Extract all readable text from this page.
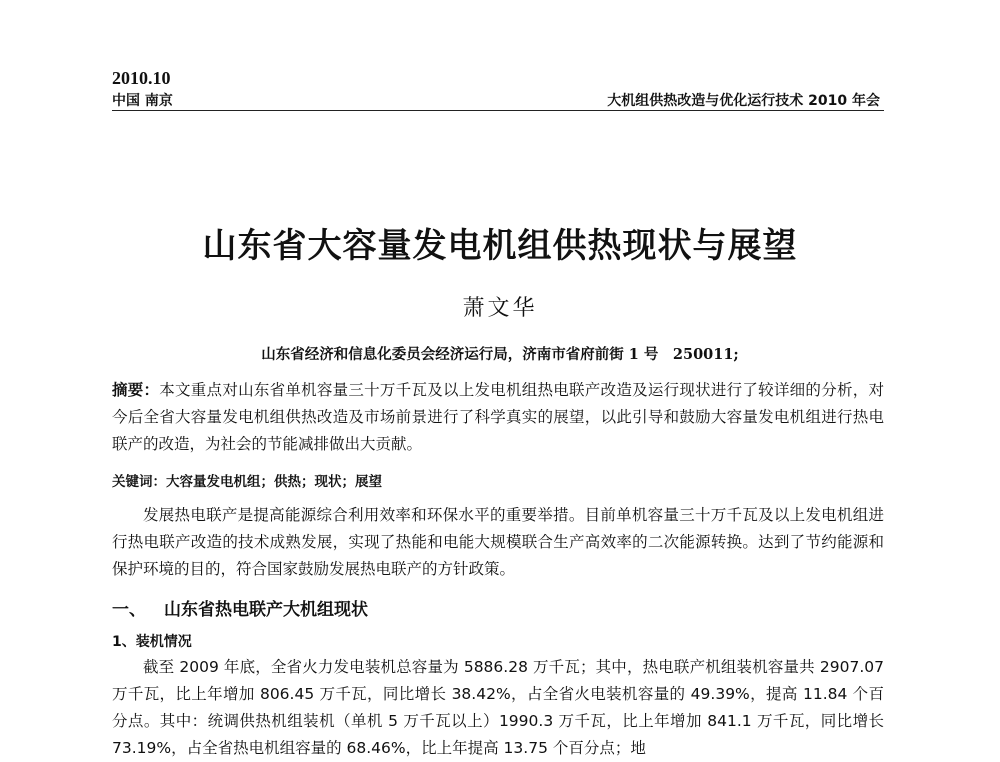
2010.10
中国 南京	大机组供热改造与优化运行技术 2010 年会
山东省大容量发电机组供热现状与展望
萧文华
山东省经济和信息化委员会经济运行局，济南市省府前街 1 号　250011;
摘要：本文重点对山东省单机容量三十万千瓦及以上发电机组热电联产改造及运行现状进行了较详细的分析，对今后全省大容量发电机组供热改造及市场前景进行了科学真实的展望，以此引导和鼓励大容量发电机组进行热电联产的改造，为社会的节能减排做出大贡献。
关键词：大容量发电机组；供热；现状；展望
发展热电联产是提高能源综合利用效率和环保水平的重要举措。目前单机容量三十万千瓦及以上发电机组进行热电联产改造的技术成熟发展，实现了热能和电能大规模联合生产高效率的二次能源转换。达到了节约能源和保护环境的目的，符合国家鼓励发展热电联产的方针政策。
一、 山东省热电联产大机组现状
1、装机情况
截至 2009 年底，全省火力发电装机总容量为 5886.28 万千瓦；其中，热电联产机组装机容量共 2907.07 万千瓦，比上年增加 806.45 万千瓦，同比增长 38.42%，占全省火电装机容量的 49.39%，提高 11.84 个百分点。其中：统调供热机组装机（单机 5 万千瓦以上）1990.3 万千瓦，比上年增加 841.1 万千瓦，同比增长 73.19%，占全省热电机组容量的 68.46%，比上年提高 13.75 个百分点；地
